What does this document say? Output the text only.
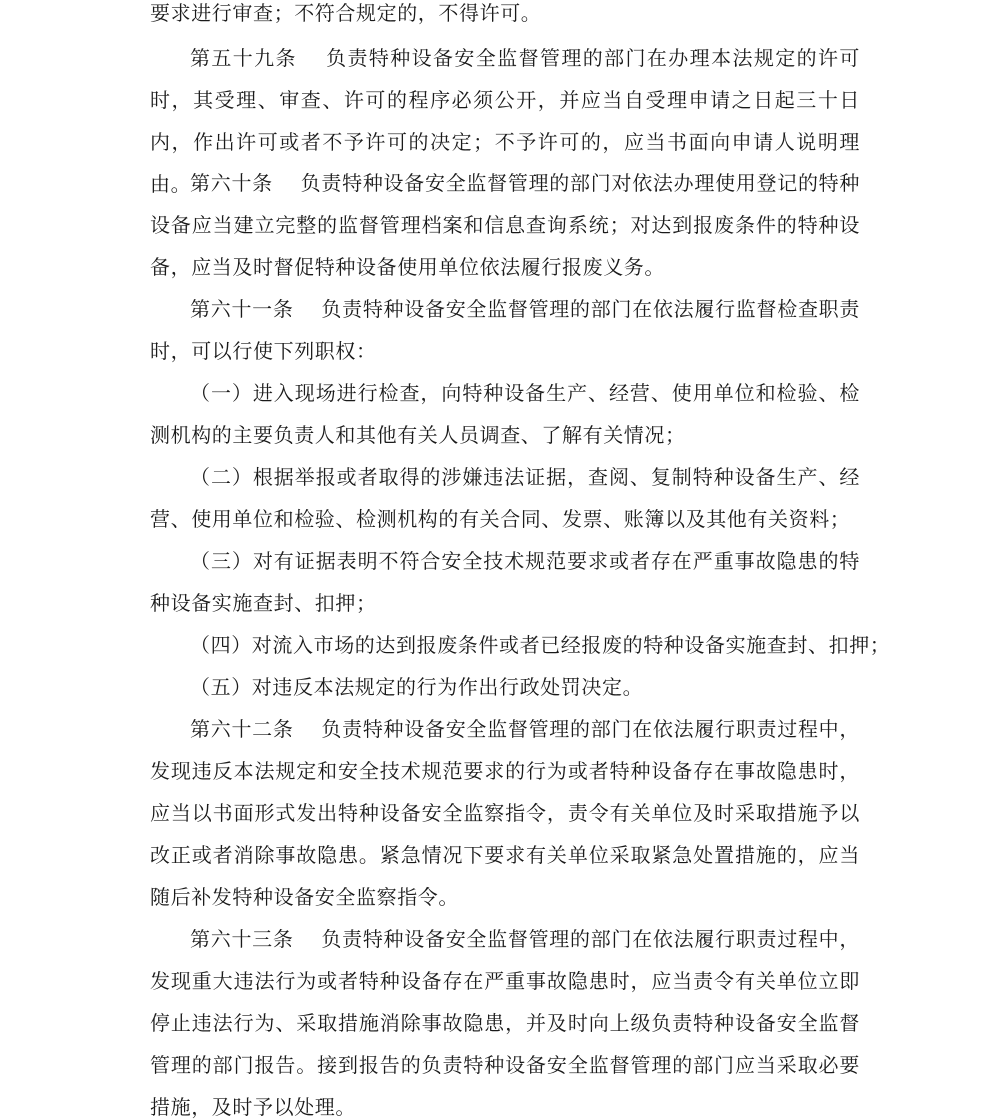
要求进行审查；不符合规定的，不得许可。

第五十九条　 负责特种设备安全监督管理的部门在办理本法规定的许可时，其受理、审查、许可的程序必须公开，并应当自受理申请之日起三十日内，作出许可或者不予许可的决定；不予许可的，应当书面向申请人说明理由。

第六十条　 负责特种设备安全监督管理的部门对依法办理使用登记的特种设备应当建立完整的监督管理档案和信息查询系统；对达到报废条件的特种设备，应当及时督促特种设备使用单位依法履行报废义务。

第六十一条　 负责特种设备安全监督管理的部门在依法履行监督检查职责时，可以行使下列职权：

（一）进入现场进行检查，向特种设备生产、经营、使用单位和检验、检测机构的主要负责人和其他有关人员调查、了解有关情况；

（二）根据举报或者取得的涉嫌违法证据，查阅、复制特种设备生产、经营、使用单位和检验、检测机构的有关合同、发票、账簿以及其他有关资料；

（三）对有证据表明不符合安全技术规范要求或者存在严重事故隐患的特种设备实施查封、扣押；

（四）对流入市场的达到报废条件或者已经报废的特种设备实施查封、扣押；

（五）对违反本法规定的行为作出行政处罚决定。

第六十二条　 负责特种设备安全监督管理的部门在依法履行职责过程中，发现违反本法规定和安全技术规范要求的行为或者特种设备存在事故隐患时，应当以书面形式发出特种设备安全监察指令，责令有关单位及时采取措施予以改正或者消除事故隐患。紧急情况下要求有关单位采取紧急处置措施的，应当随后补发特种设备安全监察指令。

第六十三条　 负责特种设备安全监督管理的部门在依法履行职责过程中，发现重大违法行为或者特种设备存在严重事故隐患时，应当责令有关单位立即停止违法行为、采取措施消除事故隐患，并及时向上级负责特种设备安全监督管理的部门报告。接到报告的负责特种设备安全监督管理的部门应当采取必要措施，及时予以处理。
